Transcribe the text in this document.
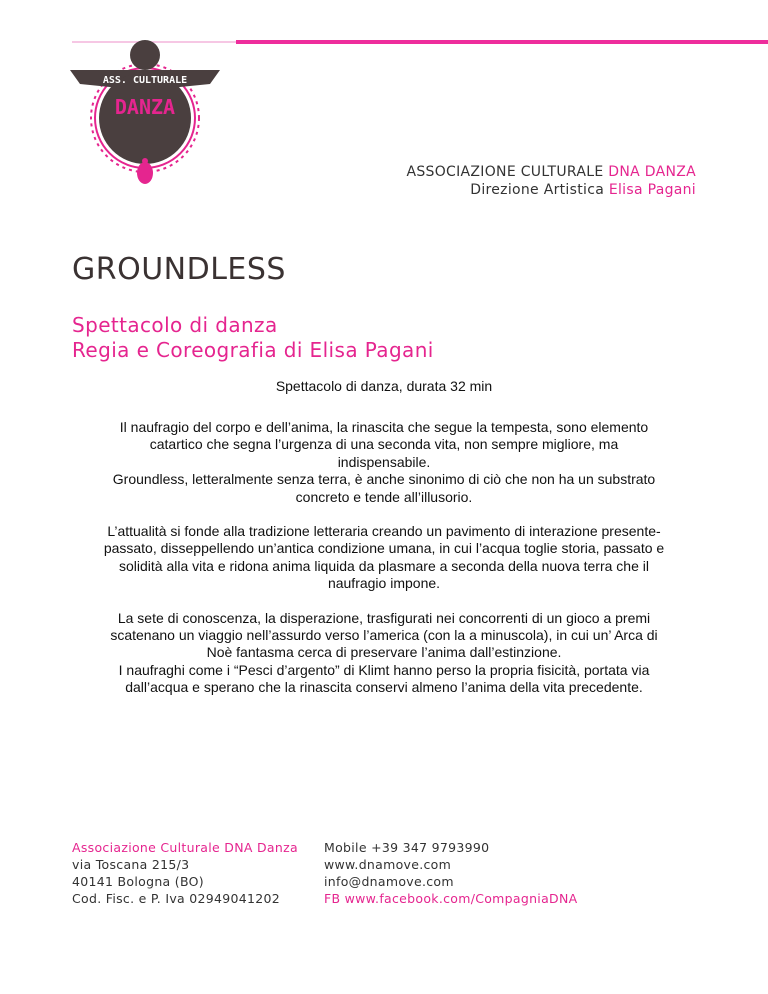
ASS. CULTURALE
DANZA
ASSOCIAZIONE CULTURALE DNA DANZA
Direzione Artistica Elisa Pagani
GROUNDLESS
Spettacolo di danza
Regia e Coreografia di Elisa Pagani
Spettacolo di danza, durata 32 min

Il naufragio del corpo e dell’anima, la rinascita che segue la tempesta, sono elemento
catartico che segna l’urgenza di una seconda vita, non sempre migliore, ma
indispensabile.
Groundless, letteralmente senza terra, è anche sinonimo di ciò che non ha un substrato
concreto e tende all’illusorio.

L’attualità si fonde alla tradizione letteraria creando un pavimento di interazione presente-
passato, disseppellendo un’antica condizione umana, in cui l’acqua toglie storia, passato e
solidità alla vita e ridona anima liquida da plasmare a seconda della nuova terra che il
naufragio impone.

La sete di conoscenza, la disperazione, trasfigurati nei concorrenti di un gioco a premi
scatenano un viaggio nell’assurdo verso l’america (con la a minuscola), in cui un’ Arca di
Noè fantasma cerca di preservare l’anima dall’estinzione.
I naufraghi come i “Pesci d’argento” di Klimt hanno perso la propria fisicità, portata via
dall’acqua e sperano che la rinascita conservi almeno l’anima della vita precedente.

Associazione Culturale DNA Danza
via Toscana 215/3
40141 Bologna (BO)
Cod. Fisc. e P. Iva 02949041202
Mobile +39 347 9793990
www.dnamove.com
info@dnamove.com
FB www.facebook.com/CompagniaDNA
